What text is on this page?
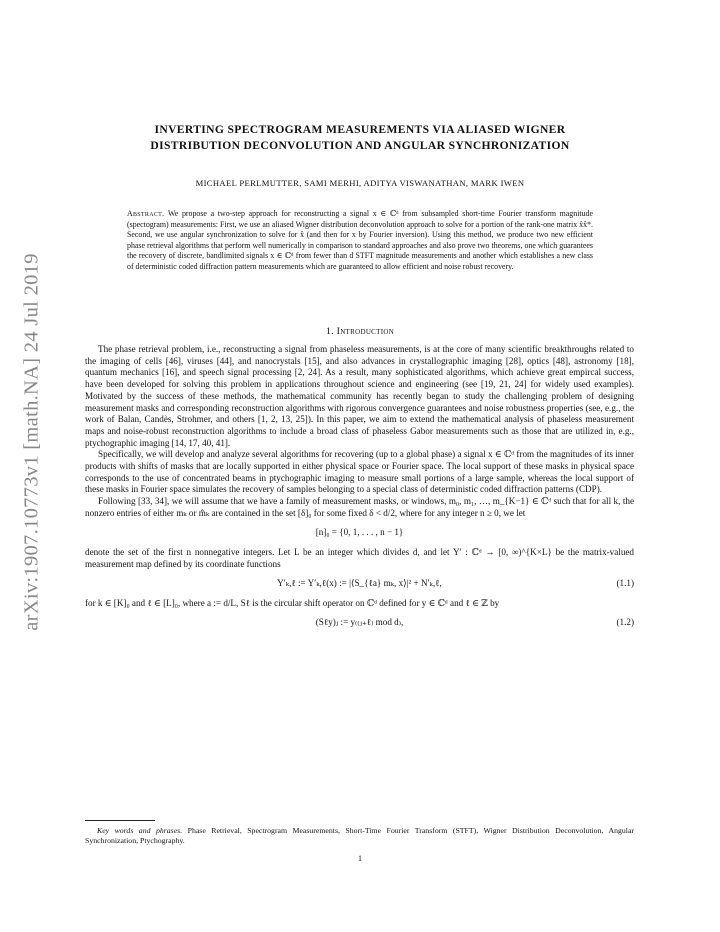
arXiv:1907.10773v1 [math.NA] 24 Jul 2019
INVERTING SPECTROGRAM MEASUREMENTS VIA ALIASED WIGNER
DISTRIBUTION DECONVOLUTION AND ANGULAR SYNCHRONIZATION
MICHAEL PERLMUTTER, SAMI MERHI, ADITYA VISWANATHAN, MARK IWEN
Abstract. We propose a two-step approach for reconstructing a signal x ∈ ℂᵈ from subsampled short-time Fourier transform magnitude (spectogram) measurements: First, we use an aliased Wigner distribution deconvolution approach to solve for a portion of the rank-one matrix x̂x̂*. Second, we use angular synchronization to solve for x̂ (and then for x by Fourier inversion). Using this method, we produce two new efficient phase retrieval algorithms that perform well numerically in comparison to standard approaches and also prove two theorems, one which guarantees the recovery of discrete, bandlimited signals x ∈ ℂᵈ from fewer than d STFT magnitude measurements and another which establishes a new class of deterministic coded diffraction pattern measurements which are guaranteed to allow efficient and noise robust recovery.
1. Introduction

The phase retrieval problem, i.e., reconstructing a signal from phaseless measurements, is at the core of many scientific breakthroughs related to the imaging of cells [46], viruses [44], and nanocrystals [15], and also advances in crystallographic imaging [28], optics [48], astronomy [18], quantum mechanics [16], and speech signal processing [2, 24]. As a result, many sophisticated algorithms, which achieve great empircal success, have been developed for solving this problem in applications throughout science and engineering (see [19, 21, 24] for widely used examples). Motivated by the success of these methods, the mathematical community has recently began to study the challenging problem of designing measurement masks and corresponding reconstruction algorithms with rigorous convergence guarantees and noise robustness properties (see, e.g., the work of Balan, Candès, Strohmer, and others [1, 2, 13, 25]). In this paper, we aim to extend the mathematical analysis of phaseless measurement maps and noise-robust reconstruction algorithms to include a broad class of phaseless Gabor measurements such as those that are utilized in, e.g., ptychographic imaging [14, 17, 40, 41].

Specifically, we will develop and analyze several algorithms for recovering (up to a global phase) a signal x ∈ ℂᵈ from the magnitudes of its inner products with shifts of masks that are locally supported in either physical space or Fourier space. The local support of these masks in physical space corresponds to the use of concentrated beams in ptychographic imaging to measure small portions of a large sample, whereas the local support of these masks in Fourier space simulates the recovery of samples belonging to a special class of deterministic coded diffraction patterns (CDP).

Following [33, 34], we will assume that we have a family of measurement masks, or windows, m₀, m₁, …, m_{K−1} ∈ ℂᵈ such that for all k, the nonzero entries of either mₖ or m̂ₖ are contained in the set [δ]₀ for some fixed δ < d/2, where for any integer n ≥ 0, we let

[n]₀ = {0, 1, . . . , n − 1}

denote the set of the first n nonnegative integers. Let L be an integer which divides d, and let Y′ : ℂᵈ → [0, ∞)^{K×L} be the matrix-valued measurement map defined by its coordinate functions

Y′ₖ,ℓ := Y′ₖ,ℓ(x) := |⟨S_{ℓa} mₖ, x⟩|² + N′ₖ,ℓ,	(1.1)

for k ∈ [K]₀ and ℓ ∈ [L]₀, where a := d/L, Sℓ is the circular shift operator on ℂᵈ defined for y ∈ ℂᵈ and ℓ ∈ ℤ by

(Sℓy)ⱼ := y₍₍ⱼ₊ℓ₎ mod d₎,	(1.2)
Key words and phrases. Phase Retrieval, Spectrogram Measurements, Short-Time Fourier Transform (STFT), Wigner Distribution Deconvolution, Angular Synchronization, Ptychography.
1
